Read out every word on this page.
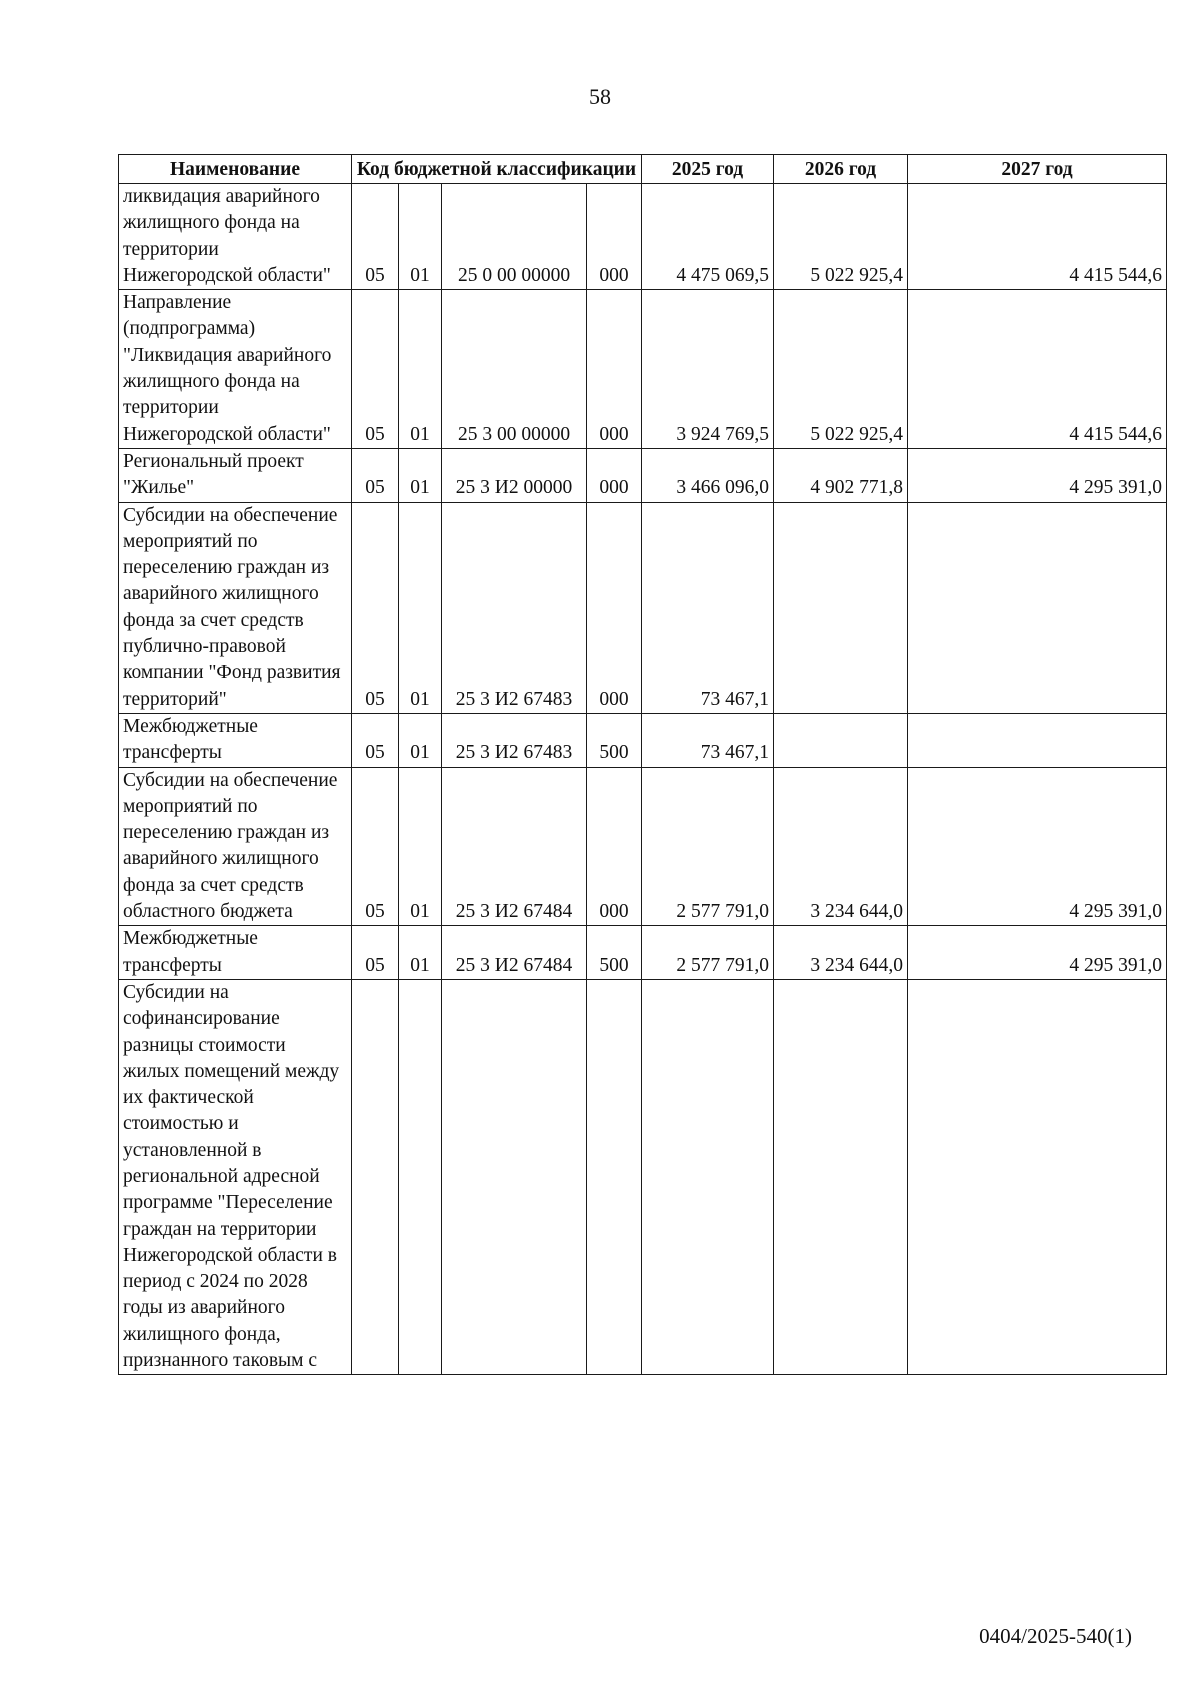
58
Наименование	Код бюджетной классификации				2025 год	2026 год	2027 год
ликвидация аварийного жилищного фонда на территории Нижегородской области"	05	01	25 0 00 00000	000	4 475 069,5	5 022 925,4	4 415 544,6
Направление (подпрограмма) "Ликвидация аварийного жилищного фонда на территории Нижегородской области"	05	01	25 3 00 00000	000	3 924 769,5	5 022 925,4	4 415 544,6
Региональный проект "Жилье"	05	01	25 3 И2 00000	000	3 466 096,0	4 902 771,8	4 295 391,0
Субсидии на обеспечение мероприятий по переселению граждан из аварийного жилищного фонда за счет средств публично-правовой компании "Фонд развития территорий"	05	01	25 3 И2 67483	000	73 467,1		
Межбюджетные трансферты	05	01	25 3 И2 67483	500	73 467,1		
Субсидии на обеспечение мероприятий по переселению граждан из аварийного жилищного фонда за счет средств областного бюджета	05	01	25 3 И2 67484	000	2 577 791,0	3 234 644,0	4 295 391,0
Межбюджетные трансферты	05	01	25 3 И2 67484	500	2 577 791,0	3 234 644,0	4 295 391,0
Субсидии на софинансирование разницы стоимости жилых помещений между их фактической стоимостью и установленной в региональной адресной программе "Переселение граждан на территории Нижегородской области в период с 2024 по 2028 годы из аварийного жилищного фонда, признанного таковым с							
0404/2025-540(1)
